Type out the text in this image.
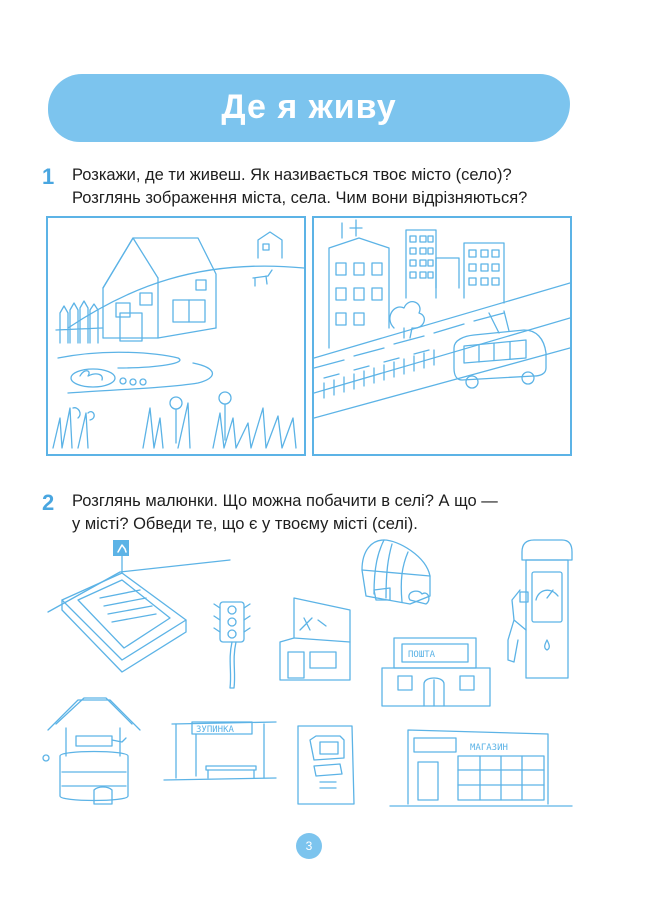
Де я живу
1 Розкажи, де ти живеш. Як називається твоє місто (село)?
Розглянь зображення міста, села. Чим вони відрізняються?
2 Розглянь малюнки. Що можна побачити в селі? А що —
у місті? Обведи те, що є у твоєму місті (селі).
ПОШТА
ЗУПИНКА
МАГАЗИН
3
